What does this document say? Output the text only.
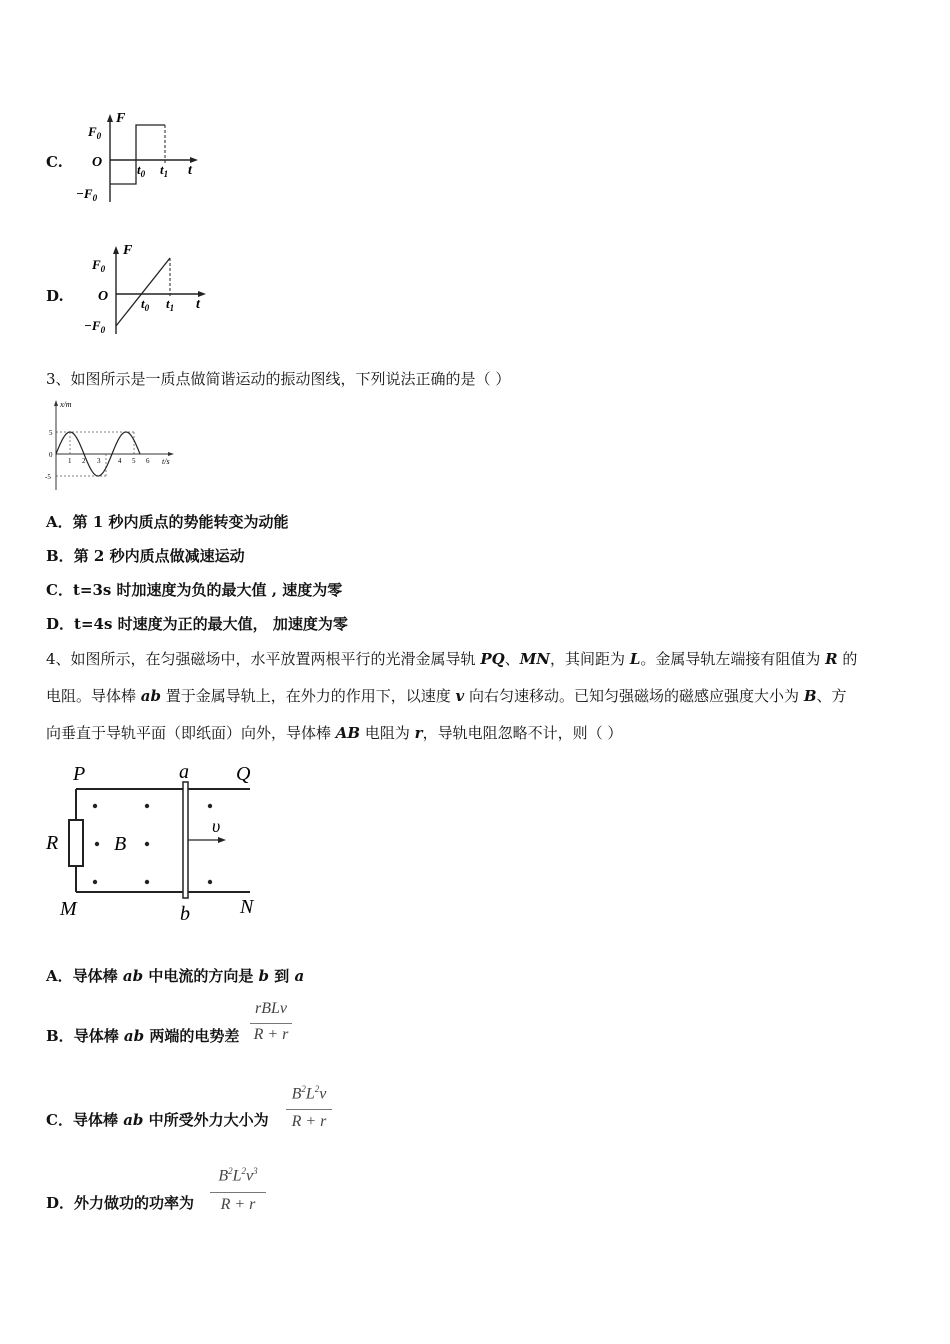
C.
F
$F_0$
O
$-F_0$
$t_0$ $t_1$ t
D.
F
$F_0$
O
$-F_0$
$t_0$ $t_1$ t
3、如图所示是一质点做简谐运动的振动图线，下列说法正确的是（ ）
x/m
t/s
5
0
-5
1 2 3	4 5 6
A．第 1 秒内质点的势能转变为动能
B．第 2 秒内质点做减速运动
C．t=3s 时加速度为负的最大值 , 速度为零
D．t=4s 时速度为正的最大值， 加速度为零
4、如图所示，在匀强磁场中，水平放置两根平行的光滑金属导轨 PQ、MN，其间距为 L。金属导轨左端接有阻值为 R 的
电阻。导体棒 ab 置于金属导轨上，在外力的作用下，以速度 v 向右匀速移动。已知匀强磁场的磁感应强度大小为 B、方
向垂直于导轨平面（即纸面）向外，导体棒 AB 电阻为 r，导轨电阻忽略不计，则（ ）
P	a Q
R	B
υ
M	b	N
A．导体棒 ab 中电流的方向是 b 到 a
B．导体棒 ab 两端的电势差
rBLv
R + r
C．导体棒 ab 中所受外力大小为
$B^2L^2v$
R + r
D．外力做功的功率为
$B^2L^2v^3$
R + r
